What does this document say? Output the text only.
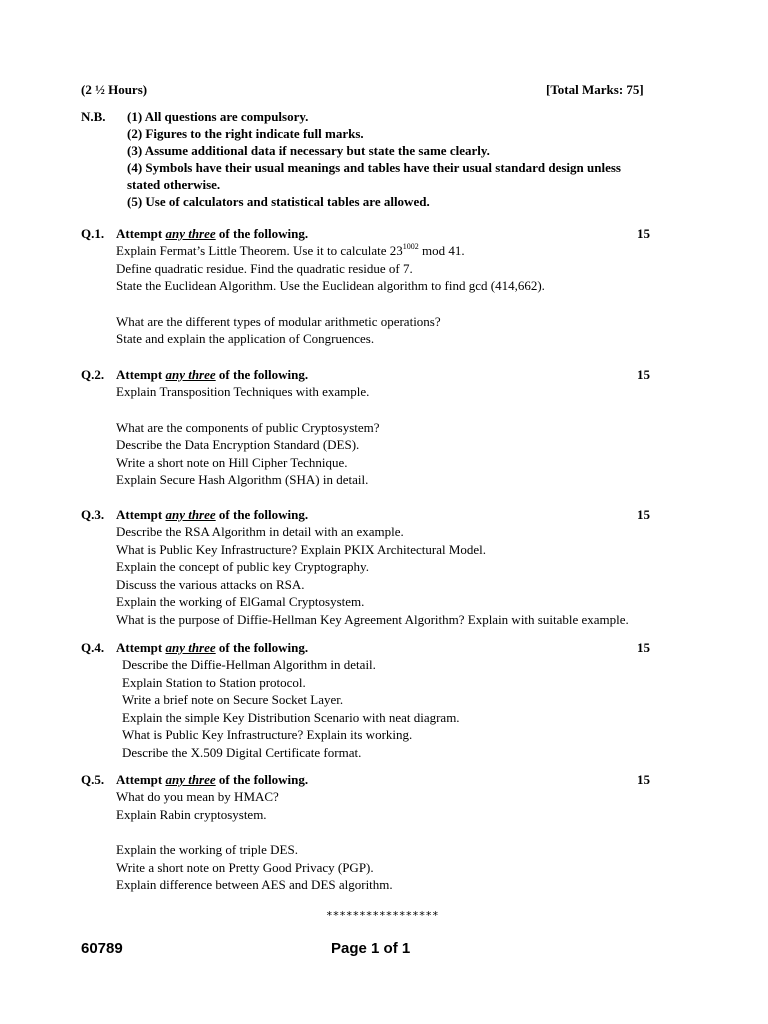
(2 ½ Hours)	[Total Marks: 75]
N.B. (1) All questions are compulsory.
(2) Figures to the right indicate full marks.
(3) Assume additional data if necessary but state the same clearly.
(4) Symbols have their usual meanings and tables have their usual standard design unless
stated otherwise.
(5) Use of calculators and statistical tables are allowed.
Q.1. Attempt any three of the following.	15
Explain Fermat’s Little Theorem. Use it to calculate $23^{1002}$ mod 41.
Define quadratic residue. Find the quadratic residue of 7.
State the Euclidean Algorithm. Use the Euclidean algorithm to find gcd (414,662).
What are the different types of modular arithmetic operations?
State and explain the application of Congruences.
Q.2. Attempt any three of the following.	15
Explain Transposition Techniques with example.
What are the components of public Cryptosystem?
Describe the Data Encryption Standard (DES).
Write a short note on Hill Cipher Technique.
Explain Secure Hash Algorithm (SHA) in detail.
Q.3. Attempt any three of the following.	15
Describe the RSA Algorithm in detail with an example.
What is Public Key Infrastructure? Explain PKIX Architectural Model.
Explain the concept of public key Cryptography.
Discuss the various attacks on RSA.
Explain the working of ElGamal Cryptosystem.
What is the purpose of Diffie-Hellman Key Agreement Algorithm? Explain with suitable example.
Q.4. Attempt any three of the following.	15
Describe the Diffie-Hellman Algorithm in detail.
Explain Station to Station protocol.
Write a brief note on Secure Socket Layer.
Explain the simple Key Distribution Scenario with neat diagram.
What is Public Key Infrastructure? Explain its working.
Describe the X.509 Digital Certificate format.
Q.5. Attempt any three of the following.	15
What do you mean by HMAC?
Explain Rabin cryptosystem.
Explain the working of triple DES.
Write a short note on Pretty Good Privacy (PGP).
Explain difference between AES and DES algorithm.
*****************
60789	Page 1 of 1
